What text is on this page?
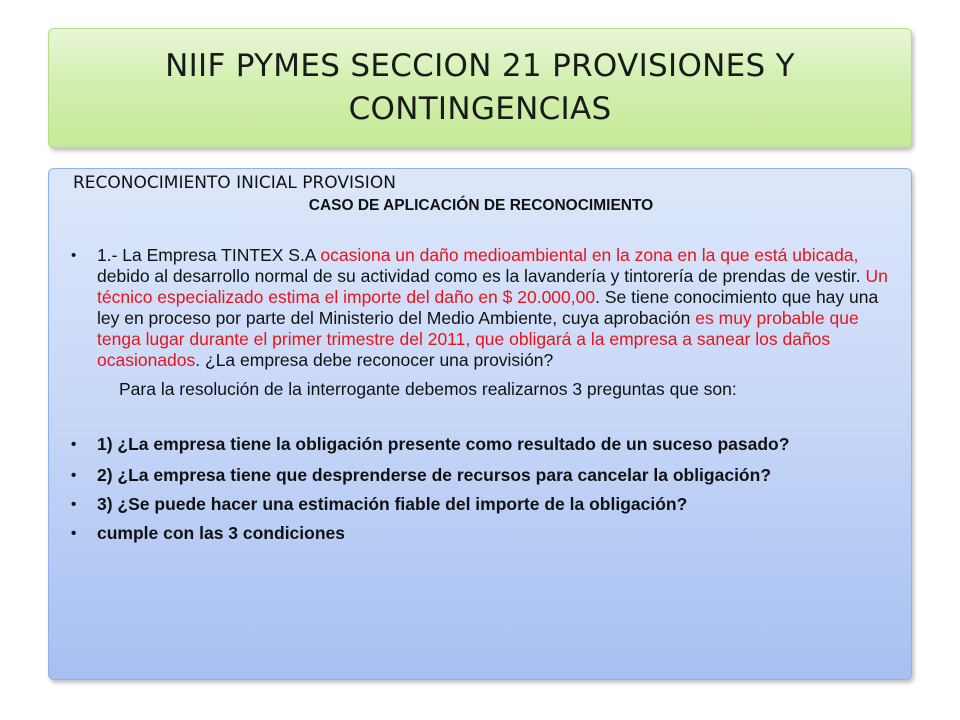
NIIF PYMES SECCION 21 PROVISIONES Y CONTINGENCIAS
RECONOCIMIENTO INICIAL PROVISION
CASO DE APLICACIÓN DE RECONOCIMIENTO
• 1.- La Empresa TINTEX S.A ocasiona un daño medioambiental en la zona en la que está ubicada, debido al desarrollo normal de su actividad como es la lavandería y tintorería de prendas de vestir. Un técnico especializado estima el importe del daño en $ 20.000,00. Se tiene conocimiento que hay una ley en proceso por parte del Ministerio del Medio Ambiente, cuya aprobación es muy probable que tenga lugar durante el primer trimestre del 2011, que obligará a la empresa a sanear los daños ocasionados. ¿La empresa debe reconocer una provisión?
Para la resolución de la interrogante debemos realizarnos 3 preguntas que son:
• 1) ¿La empresa tiene la obligación presente como resultado de un suceso pasado?
• 2) ¿La empresa tiene que desprenderse de recursos para cancelar la obligación?
• 3) ¿Se puede hacer una estimación fiable del importe de la obligación?
• cumple con las 3 condiciones
